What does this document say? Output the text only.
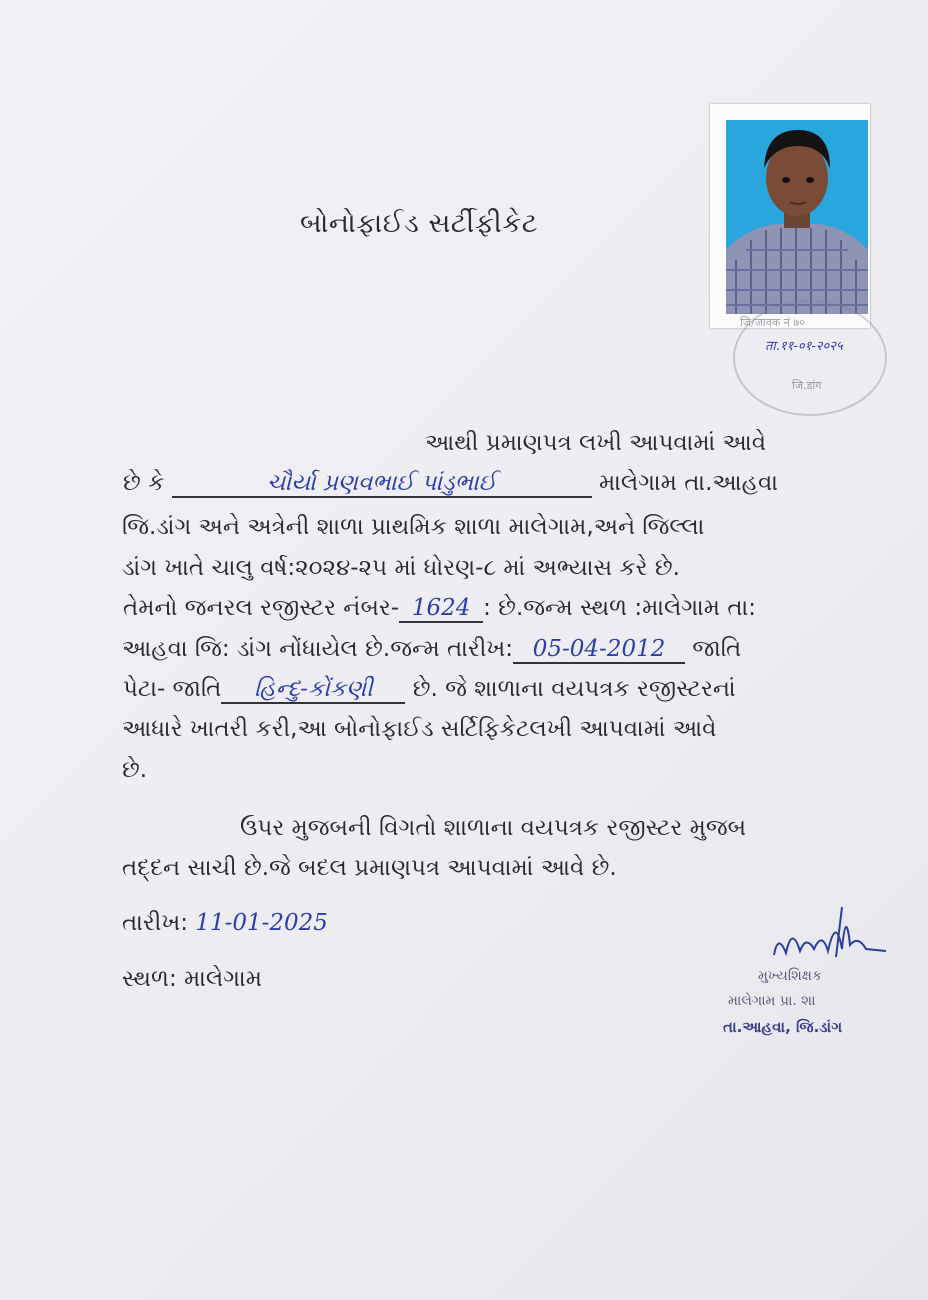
બોનોફાઈડ સર્ટીફીકેટ
जि/जावक नं ७०
ता.११-०१-२०२५
जि.डांग
આથી પ્રમાણપત્ર લખી આપવામાં આવે
છે કે	ચૌર્યા પ્રણવભાઈ પાંડુભાઈ	માલેગામ તા.આહવા
જિ.ડાંગ અને અત્રેની શાળા પ્રાથમિક શાળા માલેગામ,અને જિલ્લા
ડાંગ ખાતે ચાલુ વર્ષ:૨૦૨૪-૨૫ માં ધોરણ-૮ માં અભ્યાસ કરે છે.
તેમનો જનરલ રજીસ્ટર નંબર- 1624 : છે.જન્મ સ્થળ :માલેગામ તા:
આહવા જિ: ડાંગ નોંધાયેલ છે.જન્મ તારીખ: 05-04-2012 જાતિ
પેટા- જાતિ હિન્દુ-કોંકણી છે. જે શાળાના વયપત્રક રજીસ્ટરનાં
આધારે ખાતરી કરી,આ બોનોફાઈડ સર્ટિફિકેટલખી આપવામાં આવે
છે.
ઉપર મુજબની વિગતો શાળાના વયપત્રક રજીસ્ટર મુજબ
તદ્દન સાચી છે.જે બદલ પ્રમાણપત્ર આપવામાં આવે છે.
તારીખ: 11-01-2025
સ્થળ: માલેગામ	મુખ્યશિક્ષક
માલેગામ પ્રા. શા
તા.આહવા, જિ.ડાંગ
